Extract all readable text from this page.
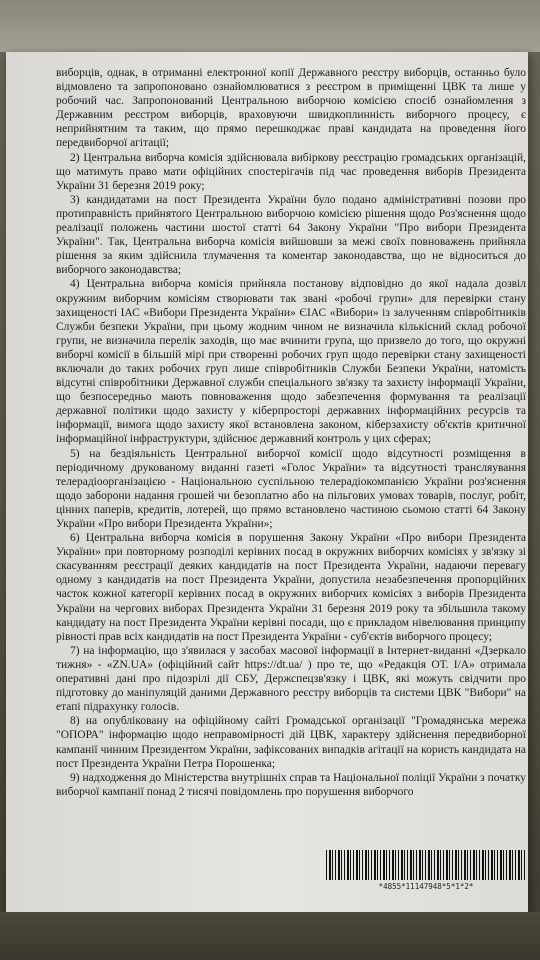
виборців, однак, в отриманні електронної копії Державного реєстру виборців, останньо було відмовлено та запропоновано ознайомлюватися з реєстром в приміщенні ЦВК та лише у робочий час. Запропонований Центральною виборчою комісією спосіб ознайомлення з Державним реєстром виборців, враховуючи швидкоплинність виборчого процесу, є неприйнятним та таким, що прямо перешкоджає праві кандидата на проведення його передвиборчої агітації;

2) Центральна виборча комісія здійснювала вибіркову реєстрацію громадських організацій, що матимуть право мати офіційних спостерігачів під час проведення виборів Президента України 31 березня 2019 року;

3) кандидатами на пост Президента України було подано адміністративні позови про протиправність прийнятого Центральною виборчою комісією рішення щодо Роз'яснення щодо реалізації положень частини шостої статті 64 Закону України "Про вибори Президента України". Так, Центральна виборча комісія вийшовши за межі своїх повноважень прийняла рішення за яким здійснила тлумачення та коментар законодавства, що не відноситься до виборчого законодавства;

4) Центральна виборча комісія прийняла постанову відповідно до якої надала дозвіл окружним виборчим комісіям створювати так звані «робочі групи» для перевірки стану захищеності ІАС «Вибори Президента України» ЄІАС «Вибори» із залученням співробітників Служби безпеки України, при цьому жодним чином не визначила кількісний склад робочої групи, не визначила перелік заходів, що має вчинити група, що призвело до того, що окружні виборчі комісії в більшій мірі при створенні робочих груп щодо перевірки стану захищеності включали до таких робочих груп лише співробітників Служби Безпеки України, натомість відсутні співробітники Державної служби спеціального зв'язку та захисту інформації України, що безпосередньо мають повноваження щодо забезпечення формування та реалізації державної політики щодо захисту у кіберпросторі державних інформаційних ресурсів та інформації, вимога щодо захисту якої встановлена законом, кіберзахисту об'єктів критичної інформаційної інфраструктури, здійснює державний контроль у цих сферах;

5) на бездіяльність Центральної виборчої комісії щодо відсутності розміщення в періодичному друкованому виданні газеті «Голос України» та відсутності трансляування телерадіоорганізацією - Національною суспільною телерадіокомпанією України роз'яснення щодо заборони надання грошей чи безоплатно або на пільгових умовах товарів, послуг, робіт, цінних паперів, кредитів, лотерей, що прямо встановлено частиною сьомою статті 64 Закону України «Про вибори Президента України»;

6) Центральна виборча комісія в порушення Закону України «Про вибори Президента України» при повторному розподілі керівних посад в окружних виборчих комісіях у зв'язку зі скасуванням реєстрації деяких кандидатів на пост Президента України, надаючи перевагу одному з кандидатів на пост Президента України, допустила незабезпечення пропорційних часток кожної категорії керівних посад в окружних виборчих комісіях з виборів Президента України на чергових виборах Президента України 31 березня 2019 року та збільшила такому кандидату на пост Президента України керівні посади, що є прикладом нівелювання принципу рівності прав всіх кандидатів на пост Президента України - суб'єктів виборчого процесу;

7) на інформацію, що з'явилася у засобах масової інформації в Інтернет-виданні «Дзеркало тижня» - «ZN.UA» (офіційний сайт https://dt.ua/ ) про те, що «Редакція ОТ. І/А» отримала оперативні дані про підозрілі дії СБУ, Держспецзв'язку і ЦВК, які можуть свідчити про підготовку до маніпуляцій даними Державного реєстру виборців та системи ЦВК "Вибори" на етапі підрахунку голосів.

8) на опубліковану на офіційному сайті Громадської організації "Громадянська мережа "ОПОРА" інформацію щодо неправомірності дій ЦВК, характеру здійснення передвиборної кампанії чинним Президентом України, зафіксованих випадків агітації на користь кандидата на пост Президента України Петра Порошенка;

9) надходження до Міністерства внутрішніх справ та Національної поліції України з початку виборчої кампанії понад 2 тисячі повідомлень про порушення виборчого

*4855*11147948*5*1*2*
